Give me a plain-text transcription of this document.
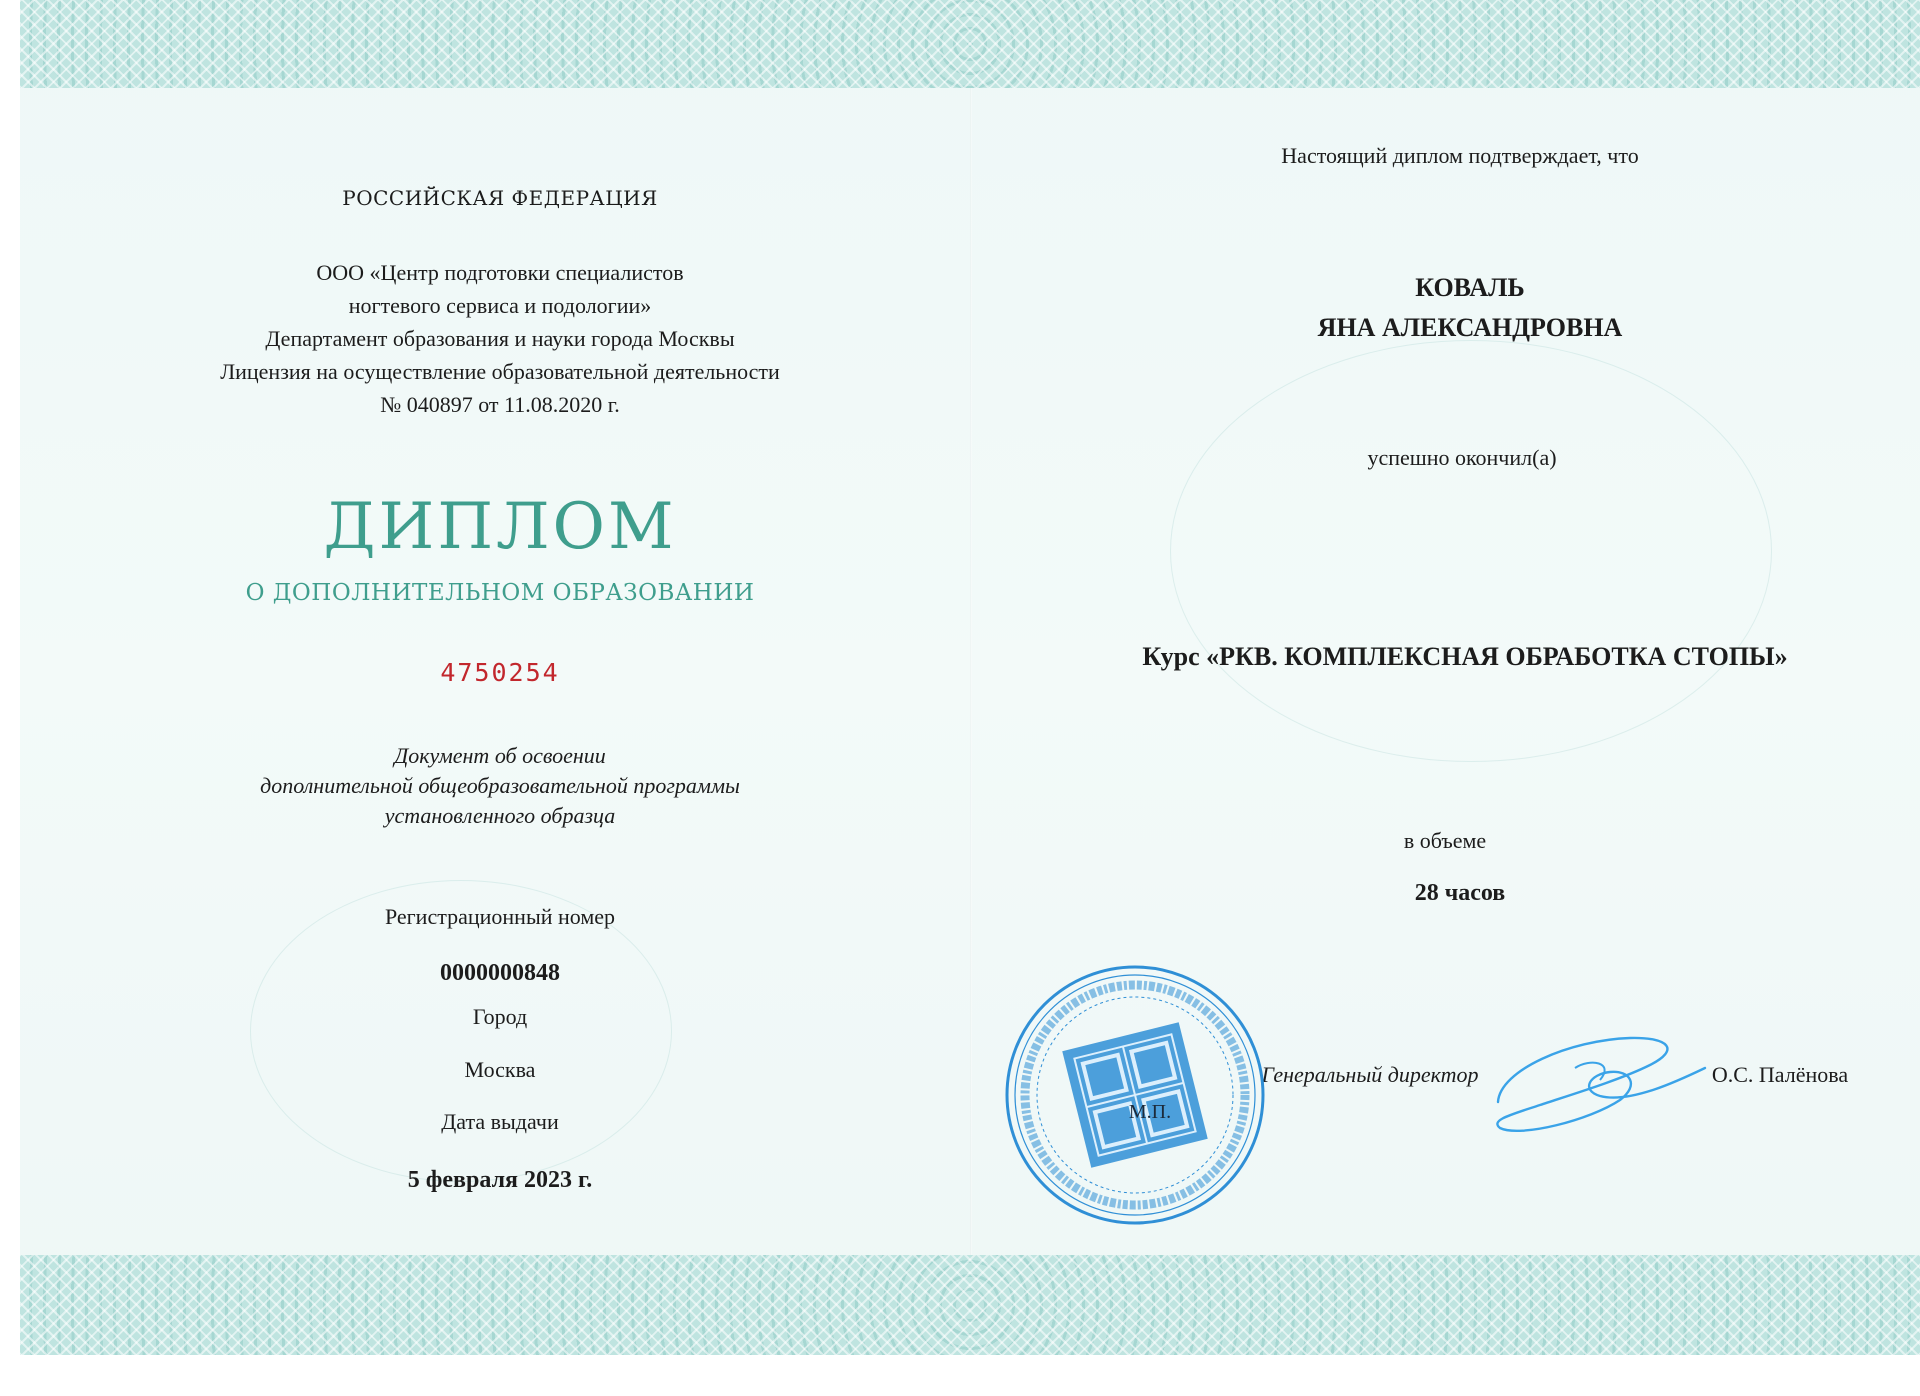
РОССИЙСКАЯ ФЕДЕРАЦИЯ
ООО «Центр подготовки специалистов
ногтевого сервиса и подологии»
Департамент образования и науки города Москвы
Лицензия на осуществление образовательной деятельности
№ 040897 от 11.08.2020 г.
ДИПЛОМ
О ДОПОЛНИТЕЛЬНОМ ОБРАЗОВАНИИ
4750254
Документ об освоении
дополнительной общеобразовательной программы
установленного образца
Регистрационный номер
0000000848
Город
Москва
Дата выдачи
5 февраля 2023 г.
Настоящий диплом подтверждает, что
КОВАЛЬ
ЯНА АЛЕКСАНДРОВНА
успешно окончил(а)
Курс «РКВ. КОМПЛЕКСНАЯ ОБРАБОТКА СТОПЫ»
в объеме
28 часов
Генеральный директор	О.С. Палёнова
М.П.
